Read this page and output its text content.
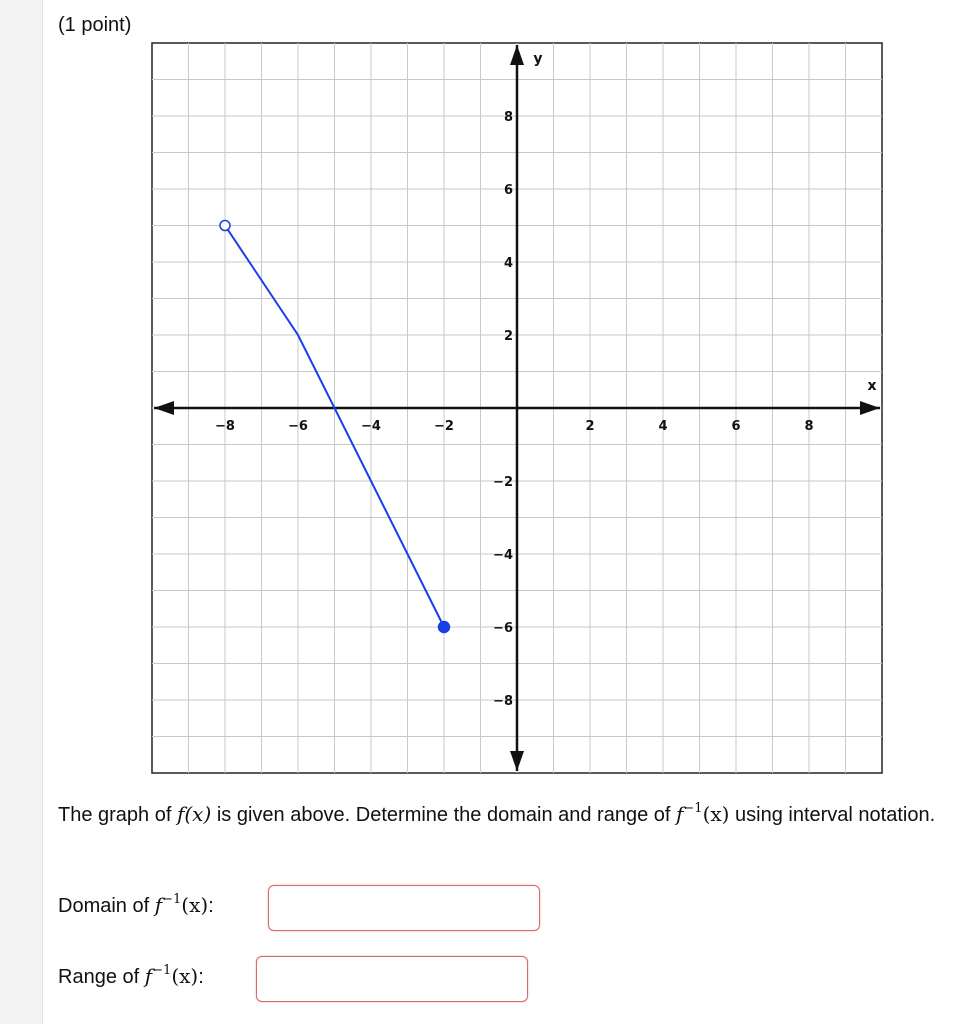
(1 point)
x
y
−8	−6	−4	−2	2	4	6	8
8
6
4
2
−2
−4
−6
−8
The graph of f(x) is given above. Determine the domain and range of $f^{-1}(x)$ using interval notation.
Domain of $f^{-1}(x)$:
Range of $f^{-1}(x)$:
